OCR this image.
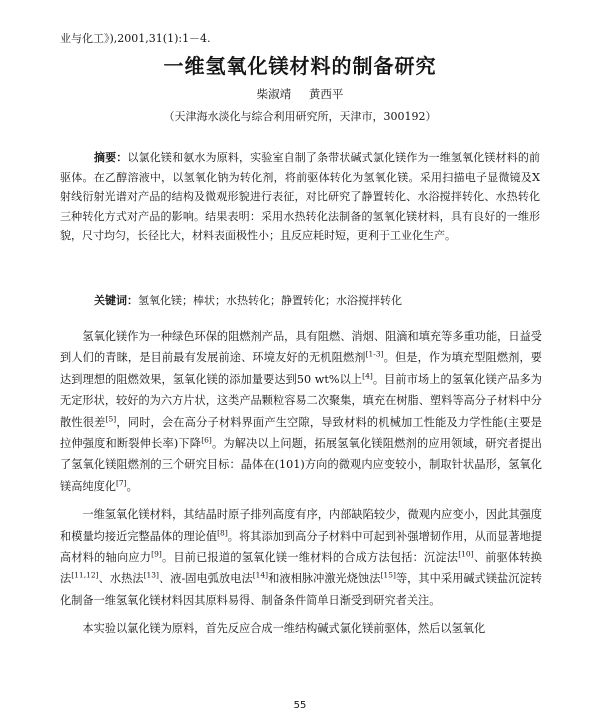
业与化工》),2001,31(1):1－4.
一维氢氧化镁材料的制备研究
柴淑靖 黄西平
（天津海水淡化与综合利用研究所，天津市，300192）
摘要：以氯化镁和氨水为原料，实验室自制了条带状碱式氯化镁作为一维氢氧化镁材料的前驱体。在乙醇溶液中，以氢氧化钠为转化剂，将前驱体转化为氢氧化镁。采用扫描电子显微镜及X射线衍射光谱对产品的结构及微观形貌进行表征，对比研究了静置转化、水浴搅拌转化、水热转化三种转化方式对产品的影响。结果表明：采用水热转化法制备的氢氧化镁材料，具有良好的一维形貌，尺寸均匀，长径比大，材料表面极性小；且反应耗时短，更利于工业化生产。
关键词：氢氧化镁；棒状；水热转化；静置转化；水浴搅拌转化

氢氧化镁作为一种绿色环保的阻燃剂产品，具有阻燃、消烟、阻滴和填充等多重功能，日益受到人们的青睐，是目前最有发展前途、环境友好的无机阻燃剂[1-3]。但是，作为填充型阻燃剂，要达到理想的阻燃效果，氢氧化镁的添加量要达到50 wt%以上[4]。目前市场上的氢氧化镁产品多为无定形状，较好的为六方片状，这类产品颗粒容易二次聚集，填充在树脂、塑料等高分子材料中分散性很差[5]，同时，会在高分子材料界面产生空隙，导致材料的机械加工性能及力学性能(主要是拉伸强度和断裂伸长率)下降[6]。为解决以上问题，拓展氢氧化镁阻燃剂的应用领域，研究者提出了氢氧化镁阻燃剂的三个研究目标：晶体在(101)方向的微观内应变较小，制取针状晶形，氢氧化镁高纯度化[7]。

一维氢氧化镁材料，其结晶时原子排列高度有序，内部缺陷较少，微观内应变小，因此其强度和模量均接近完整晶体的理论值[8]。将其添加到高分子材料中可起到补强增韧作用，从而显著地提高材料的轴向应力[9]。目前已报道的氢氧化镁一维材料的合成方法包括：沉淀法[10]、前驱体转换法[11,12]、水热法[13]、液-固电弧放电法[14]和液相脉冲激光烧蚀法[15]等，其中采用碱式镁盐沉淀转化制备一维氢氧化镁材料因其原料易得、制备条件简单日渐受到研究者关注。

本实验以氯化镁为原料，首先反应合成一维结构碱式氯化镁前驱体，然后以氢氧化

55
